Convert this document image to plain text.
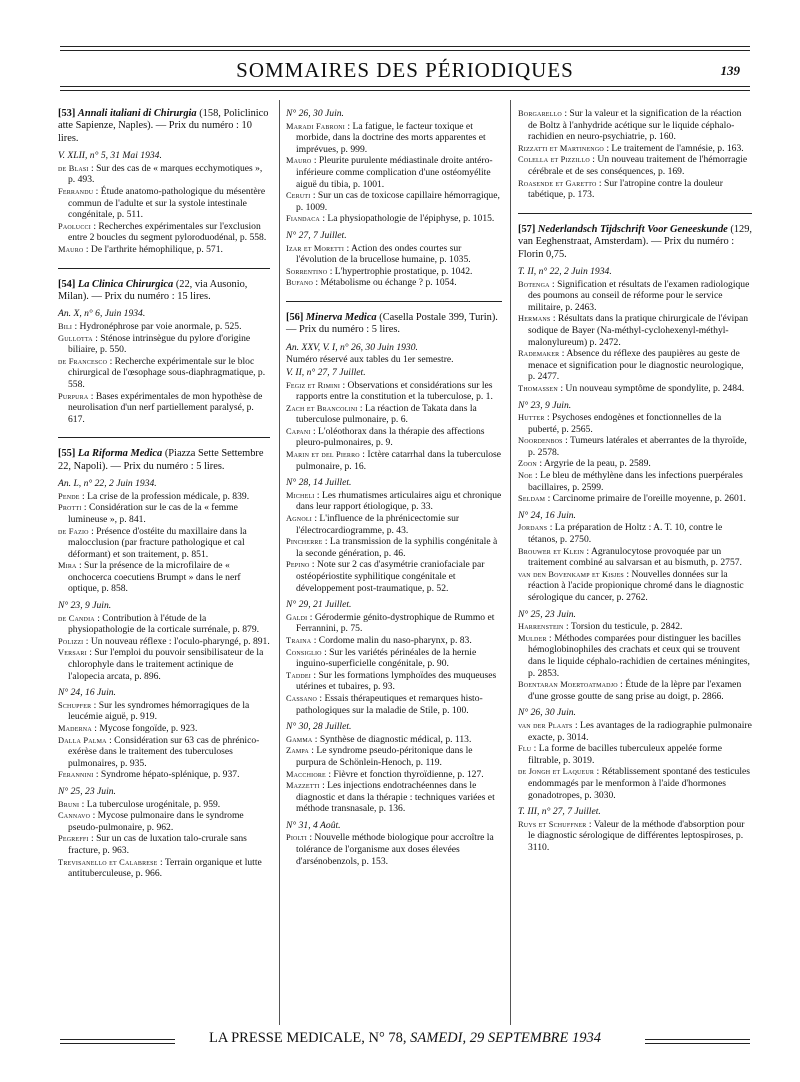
SOMMAIRES DES PÉRIODIQUES	139

[53] Annali italiani di Chirurgia (158, Policlinico atte Sapienze, Naples). — Prix du numéro : 10 lires.

V. XLII, n° 5, 31 Mai 1934.

de Blasi : Sur des cas de « marques ecchymotiques », p. 493.

Ferrandu : Étude anatomo-pathologique du mésentère commun de l'adulte et sur la systole intestinale congénitale, p. 511.

Paolucci : Recherches expérimentales sur l'exclusion entre 2 boucles du segment pyloroduodénal, p. 558.

Mauro : De l'arthrite hémophilique, p. 571.

[54] La Clinica Chirurgica (22, via Ausonio, Milan). — Prix du numéro : 15 lires.

An. X, n° 6, Juin 1934.

Bili : Hydronéphrose par voie anormale, p. 525.

Gullotta : Sténose intrinsègue du pylore d'origine biliaire, p. 550.

de Francesco : Recherche expérimentale sur le bloc chirurgical de l'œsophage sous-diaphragmatique, p. 558.

Purpura : Bases expérimentales de mon hypothèse de neurolisation d'un nerf partiellement paralysé, p. 617.

[55] La Riforma Medica (Piazza Sette Settembre 22, Napoli). — Prix du numéro : 5 lires.

An. L, n° 22, 2 Juin 1934.

Pende : La crise de la profession médicale, p. 839.

Protti : Considération sur le cas de la « femme lumineuse », p. 841.

de Fazio : Présence d'ostéite du maxillaire dans la malocclusion (par fracture pathologique et cal déformant) et son traitement, p. 851.

Mira : Sur la présence de la microfilaire de « onchocerca coecutiens Brumpt » dans le nerf optique, p. 858.

N° 23, 9 Juin.

de Candia : Contribution à l'étude de la physiopathologie de la corticale surrénale, p. 879.

Polizzi : Un nouveau réflexe : l'oculo-pharyngé, p. 891.

Versari : Sur l'emploi du pouvoir sensibilisateur de la chlorophyle dans le traitement actinique de l'alopecia arcata, p. 896.

N° 24, 16 Juin.

Schupfer : Sur les syndromes hémorragiques de la leucémie aiguë, p. 919.

Maderna : Mycose fongoïde, p. 923.

Dalla Palma : Considération sur 63 cas de phrénico-exérèse dans le traitement des tuberculoses pulmonaires, p. 935.

Ferannini : Syndrome hépato-splénique, p. 937.

N° 25, 23 Juin.

Bruni : La tuberculose urogénitale, p. 959.

Cannavo : Mycose pulmonaire dans le syndrome pseudo-pulmonaire, p. 962.

Pegreffi : Sur un cas de luxation talo-crurale sans fracture, p. 963.

Trevisanello et Calabrese : Terrain organique et lutte antituberculeuse, p. 966.

N° 26, 30 Juin.

Maradi Fabroni : La fatigue, le facteur toxique et morbide, dans la doctrine des morts apparentes et imprévues, p. 999.

Mauro : Pleurite purulente médiastinale droite antéro-inférieure comme complication d'une ostéomyélite aiguë du tibia, p. 1001.

Ceruti : Sur un cas de toxicose capillaire hémorragique, p. 1009.

Fiandaca : La physiopathologie de l'épiphyse, p. 1015.

N° 27, 7 Juillet.

Izar et Moretti : Action des ondes courtes sur l'évolution de la brucellose humaine, p. 1035.

Sorrentino : L'hypertrophie prostatique, p. 1042.

Bufano : Métabolisme ou échange ? p. 1054.

[56] Minerva Medica (Casella Postale 399, Turin). — Prix du numéro : 5 lires.

An. XXV, V. I, n° 26, 30 Juin 1930.

Numéro réservé aux tables du 1er semestre.

V. II, n° 27, 7 Juillet.

Fegiz et Rimini : Observations et considérations sur les rapports entre la constitution et la tuberculose, p. 1.

Zach et Brancolini : La réaction de Takata dans la tuberculose pulmonaire, p. 6.

Capani : L'oléothorax dans la thérapie des affections pleuro-pulmonaires, p. 9.

Marin et del Pierro : Ictère catarrhal dans la tuberculose pulmonaire, p. 16.

N° 28, 14 Juillet.

Micheli : Les rhumatismes articulaires aigu et chronique dans leur rapport étiologique, p. 33.

Agnoli : L'influence de la phrénicectomie sur l'électrocardiogramme, p. 43.

Pincherre : La transmission de la syphilis congénitale à la seconde génération, p. 46.

Pepino : Note sur 2 cas d'asymétrie craniofaciale par ostéopériostite syphilitique congénitale et développement post-traumatique, p. 52.

N° 29, 21 Juillet.

Galdi : Gérodermie génito-dystrophique de Rummo et Ferrannini, p. 75.

Traina : Cordome malin du naso-pharynx, p. 83.

Consiglio : Sur les variétés périnéales de la hernie inguino-superficielle congénitale, p. 90.

Taddei : Sur les formations lymphoïdes des muqueuses utérines et tubaires, p. 93.

Cassano : Essais thérapeutiques et remarques histo-pathologiques sur la maladie de Stile, p. 100.

N° 30, 28 Juillet.

Gamma : Synthèse de diagnostic médical, p. 113.

Zampa : Le syndrome pseudo-péritonique dans le purpura de Schönlein-Henoch, p. 119.

Macchiore : Fièvre et fonction thyroïdienne, p. 127.

Mazzetti : Les injections endotrachéennes dans le diagnostic et dans la thérapie : techniques variées et méthode transnasale, p. 136.

N° 31, 4 Août.

Piolti : Nouvelle méthode biologique pour accroître la tolérance de l'organisme aux doses élevées d'arsénobenzols, p. 153.

Borgarello : Sur la valeur et la signification de la réaction de Boltz à l'anhydride acétique sur le liquide céphalo-rachidien en neuro-psychiatrie, p. 160.

Rizzatti et Martinengo : Le traitement de l'amnésie, p. 163.

Colella et Pizzillo : Un nouveau traitement de l'hémorragie cérébrale et de ses conséquences, p. 169.

Roasende et Garetto : Sur l'atropine contre la douleur tabétique, p. 173.

[57] Nederlandsch Tijdschrift Voor Geneeskunde (129, van Eeghenstraat, Amsterdam). — Prix du numéro : Florin 0,75.

T. II, n° 22, 2 Juin 1934.

Botenga : Signification et résultats de l'examen radiologique des poumons au conseil de réforme pour le service militaire, p. 2463.

Hermans : Résultats dans la pratique chirurgicale de l'évipan sodique de Bayer (Na-méthyl-cyclohexenyl-méthyl-malonylureum) p. 2472.

Rademaker : Absence du réflexe des paupières au geste de menace et signification pour le diagnostic neurologique, p. 2477.

Thomassen : Un nouveau symptôme de spondylite, p. 2484.

N° 23, 9 Juin.

Hutter : Psychoses endogènes et fonctionnelles de la puberté, p. 2565.

Noordenbos : Tumeurs latérales et aberrantes de la thyroïde, p. 2578.

Zoon : Argyrie de la peau, p. 2589.

Noe : Le bleu de méthylène dans les infections puerpérales bacillaires, p. 2599.

Seldam : Carcinome primaire de l'oreille moyenne, p. 2601.

N° 24, 16 Juin.

Jordans : La préparation de Holtz : A. T. 10, contre le tétanos, p. 2750.

Brouwer et Klein : Agranulocytose provoquée par un traitement combiné au salvarsan et au bismuth, p. 2757.

van den Bovenkamp et Kisjes : Nouvelles données sur la réaction à l'acide propionique chromé dans le diagnostic sérologique du cancer, p. 2762.

N° 25, 23 Juin.

Harrenstein : Torsion du testicule, p. 2842.

Mulder : Méthodes comparées pour distinguer les bacilles hémoglobinophiles des crachats et ceux qui se trouvent dans le liquide céphalo-rachidien de certaines méningites, p. 2853.

Boentaran Moertoatmadjo : Étude de la lèpre par l'examen d'une grosse goutte de sang prise au doigt, p. 2866.

N° 26, 30 Juin.

van der Plaats : Les avantages de la radiographie pulmonaire exacte, p. 3014.

Flu : La forme de bacilles tuberculeux appelée forme filtrable, p. 3019.

de Jongh et Laqueur : Rétablissement spontané des testicules endommagés par le menformon à l'aide d'hormones gonadotropes, p. 3030.

T. III, n° 27, 7 Juillet.

Ruys et Schuffner : Valeur de la méthode d'absorption pour le diagnostic sérologique de différentes leptospiroses, p. 3110.

LA PRESSE MEDICALE, N° 78, SAMEDI, 29 SEPTEMBRE 1934
